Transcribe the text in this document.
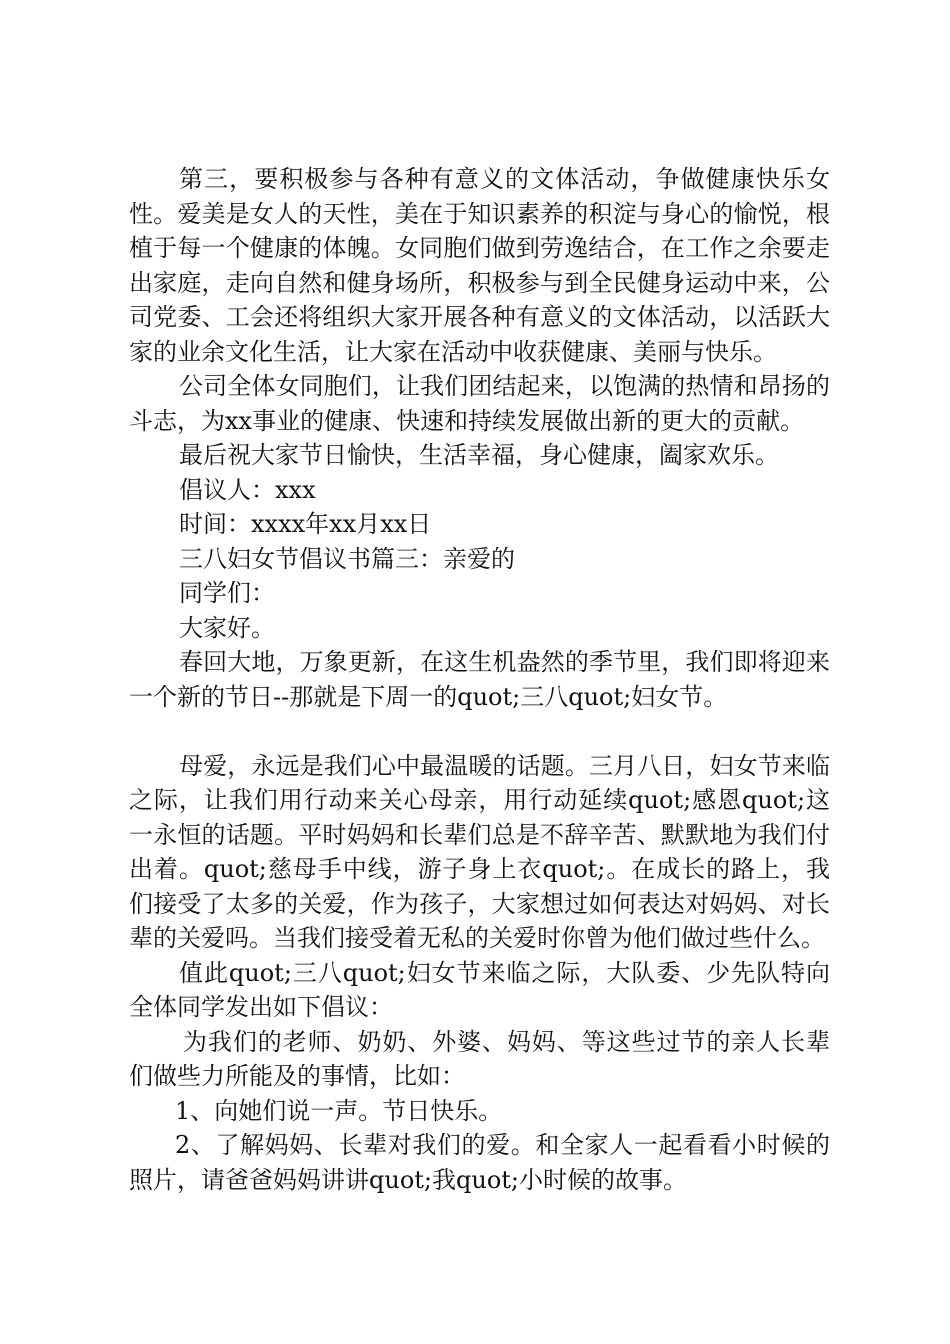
第三，要积极参与各种有意义的文体活动，争做健康快乐女性。爱美是女人的天性，美在于知识素养的积淀与身心的愉悦，根植于每一个健康的体魄。女同胞们做到劳逸结合，在工作之余要走出家庭，走向自然和健身场所，积极参与到全民健身运动中来，公司党委、工会还将组织大家开展各种有意义的文体活动，以活跃大家的业余文化生活，让大家在活动中收获健康、美丽与快乐。

公司全体女同胞们，让我们团结起来，以饱满的热情和昂扬的斗志，为xx事业的健康、快速和持续发展做出新的更大的贡献。

最后祝大家节日愉快，生活幸福，身心健康，阖家欢乐。

倡议人：xxx

时间：xxxx年xx月xx日

三八妇女节倡议书篇三：亲爱的

同学们：

大家好。

春回大地，万象更新，在这生机盎然的季节里，我们即将迎来一个新的节日--那就是下周一的quot;三八quot;妇女节。

母爱，永远是我们心中最温暖的话题。三月八日，妇女节来临之际，让我们用行动来关心母亲，用行动延续quot;感恩quot;这一永恒的话题。平时妈妈和长辈们总是不辞辛苦、默默地为我们付出着。quot;慈母手中线，游子身上衣quot;。在成长的路上，我们接受了太多的关爱，作为孩子，大家想过如何表达对妈妈、对长辈的关爱吗。当我们接受着无私的关爱时你曾为他们做过些什么。

值此quot;三八quot;妇女节来临之际，大队委、少先队特向全体同学发出如下倡议：

为我们的老师、奶奶、外婆、妈妈、等这些过节的亲人长辈们做些力所能及的事情，比如：

1、向她们说一声。节日快乐。

2、了解妈妈、长辈对我们的爱。和全家人一起看看小时候的照片，请爸爸妈妈讲讲quot;我quot;小时候的故事。
